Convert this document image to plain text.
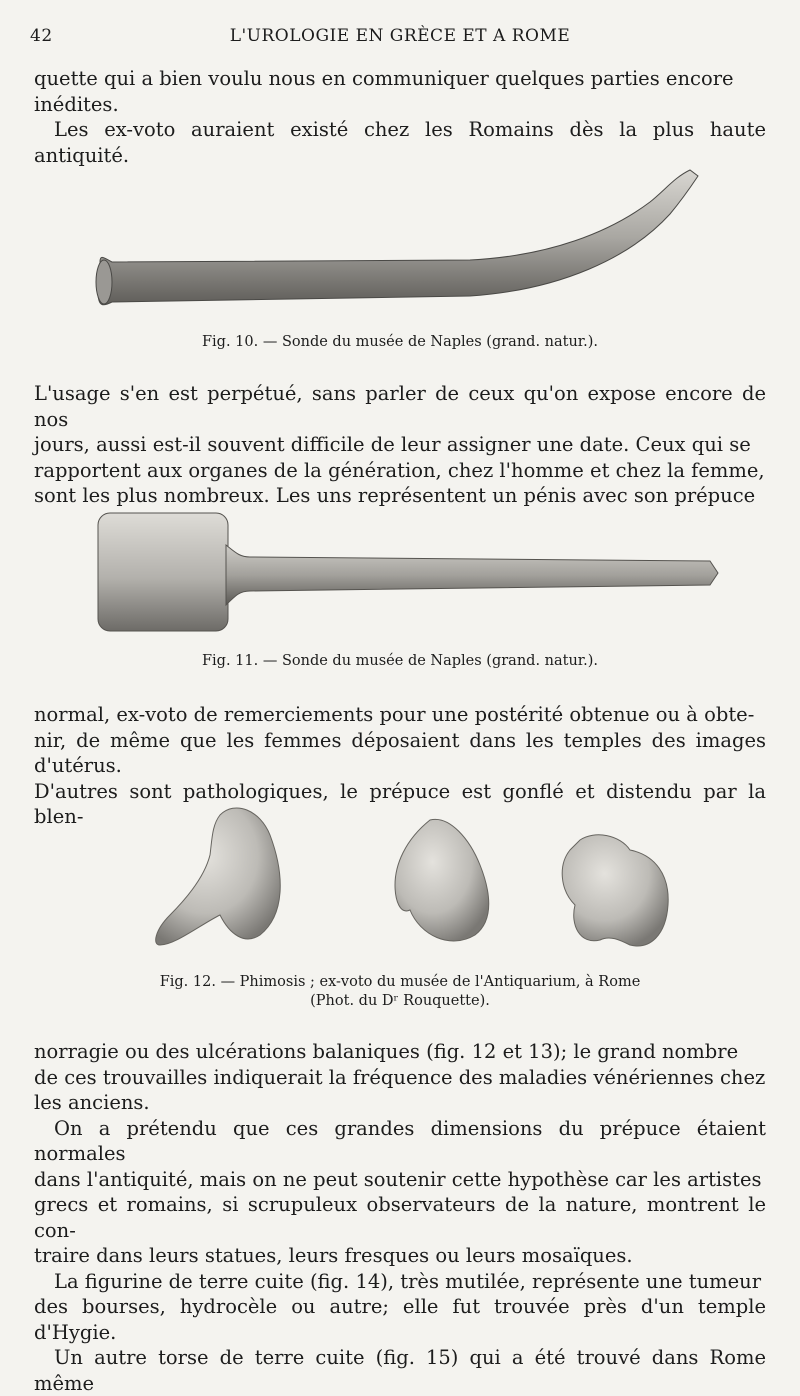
42	L'UROLOGIE EN GRÈCE ET A ROME

quette qui a bien voulu nous en communiquer quelques parties encore

inédites.

Les ex-voto auraient existé chez les Romains dès la plus haute antiquité.

Fig. 10. — Sonde du musée de Naples (grand. natur.).

L'usage s'en est perpétué, sans parler de ceux qu'on expose encore de nos

jours, aussi est-il souvent difficile de leur assigner une date. Ceux qui se

rapportent aux organes de la génération, chez l'homme et chez la femme,

sont les plus nombreux. Les uns représentent un pénis avec son prépuce

Fig. 11. — Sonde du musée de Naples (grand. natur.).

normal, ex-voto de remerciements pour une postérité obtenue ou à obte-

nir, de même que les femmes déposaient dans les temples des images d'utérus.

D'autres sont pathologiques, le prépuce est gonflé et distendu par la blen-

Fig. 12. — Phimosis ; ex-voto du musée de l'Antiquarium, à Rome
(Phot. du Dʳ Rouquette).

norragie ou des ulcérations balaniques (fig. 12 et 13); le grand nombre

de ces trouvailles indiquerait la fréquence des maladies vénériennes chez

les anciens.

On a prétendu que ces grandes dimensions du prépuce étaient normales

dans l'antiquité, mais on ne peut soutenir cette hypothèse car les artistes

grecs et romains, si scrupuleux observateurs de la nature, montrent le con-

traire dans leurs statues, leurs fresques ou leurs mosaïques.

La figurine de terre cuite (fig. 14), très mutilée, représente une tumeur

des bourses, hydrocèle ou autre; elle fut trouvée près d'un temple d'Hygie.

Un autre torse de terre cuite (fig. 15) qui a été trouvé dans Rome même
